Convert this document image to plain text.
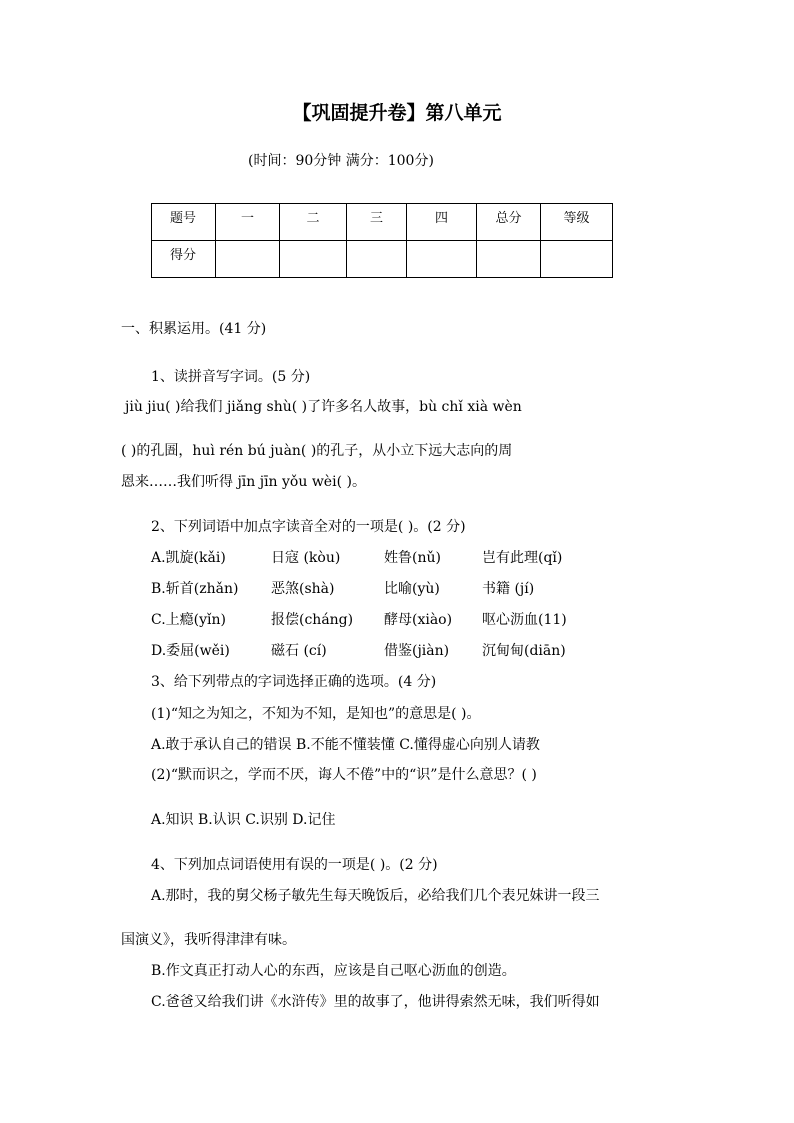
【巩固提升卷】第八单元
(时间：90分钟 满分：100分)
题号	一	二	三	四	总分	等级
得分						
一、积累运用。(41 分)
1、读拼音写字词。(5 分)
jiù jiu( )给我们 jiǎng shù( )了许多名人故事，bù chǐ xià wèn
( )的孔圄，huì rén bú juàn( )的孔子，从小立下远大志向的周
恩来……我们听得 jīn jīn yǒu wèi( )。
2、下列词语中加点字读音全对的一项是( )。(2 分)
A.凯旋(kǎi)	日寇 (kòu)	姓鲁(nǔ)	岂有此理(qǐ)
B.斩首(zhǎn) 恶煞(shà)	比喻(yù)	书籍 (jí)
C.上瘾(yǐn)	报偿(cháng) 酵母(xiào) 呕心沥血(11)
D.委屈(wěi)	磁石 (cí)	借鉴(jiàn) 沉甸甸(diān)
3、给下列带点的字词选择正确的选项。(4 分)
(1)“知之为知之，不知为不知，是知也”的意思是( )。
A.敢于承认自己的错误 B.不能不懂装懂 C.懂得虚心向别人请教
(2)“默而识之，学而不厌，诲人不倦”中的“识”是什么意思？( )
A.知识 B.认识 C.识别 D.记住
4、下列加点词语使用有误的一项是( )。(2 分)
A.那时，我的舅父杨子敏先生每天晚饭后，必给我们几个表兄妹讲一段三
国演义》，我听得津津有味。
B.作文真正打动人心的东西，应该是自己呕心沥血的创造。
C.爸爸又给我们讲《水浒传》里的故事了，他讲得索然无味，我们听得如
